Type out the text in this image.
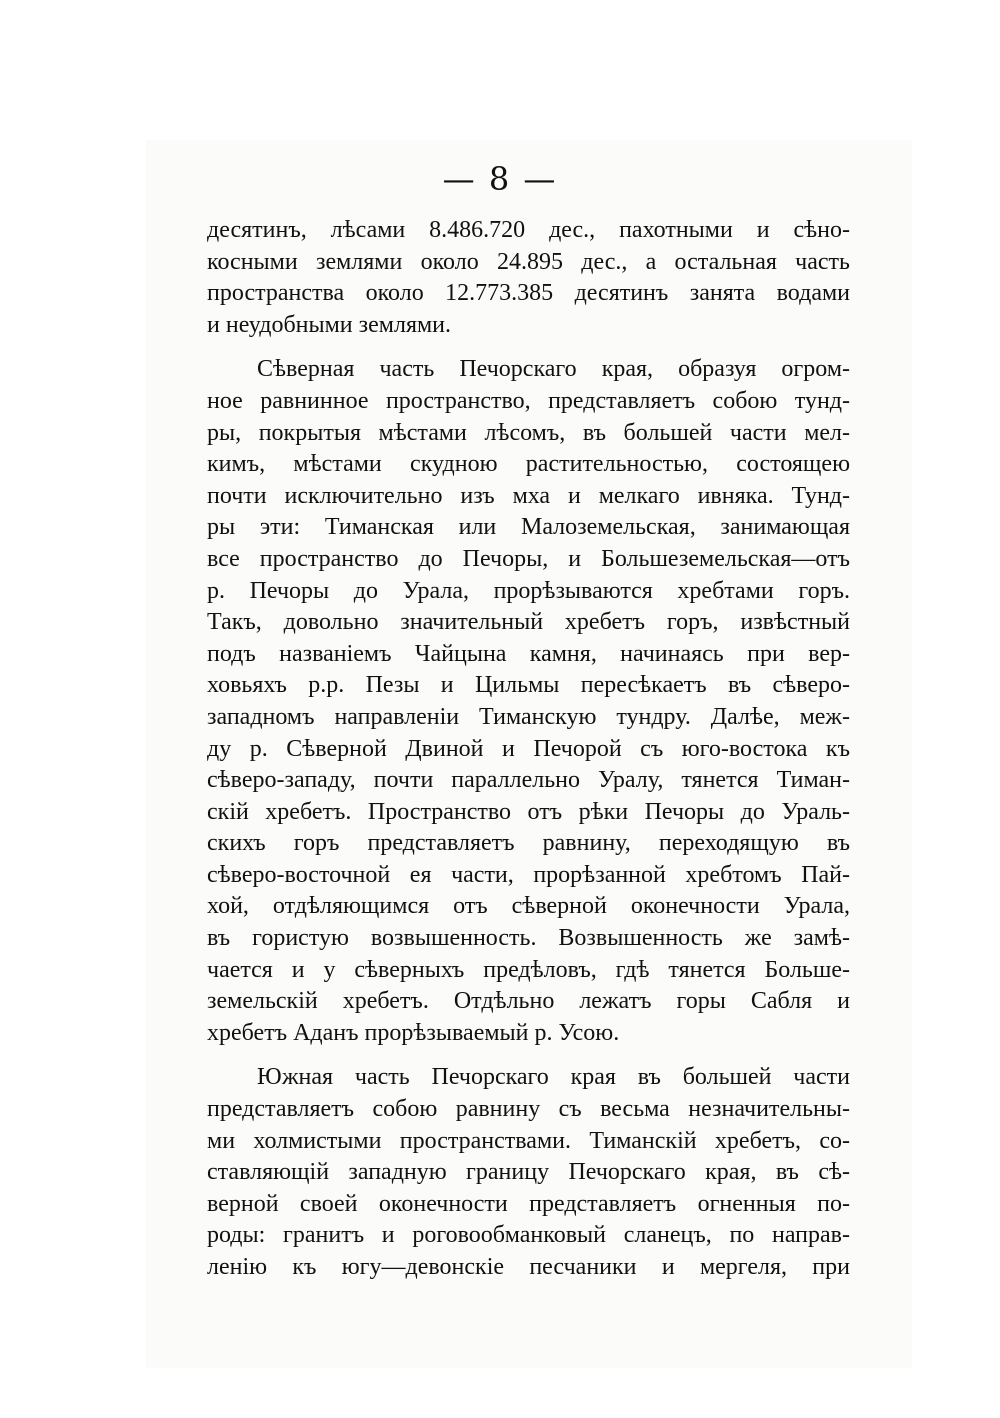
— 8 —
десятинъ, лѣсами 8.486.720 дес., пахотными и сѣно-
косными землями около 24.895 дес., а остальная часть
пространства около 12.773.385 десятинъ занята водами
и неудобными землями.
Сѣверная часть Печорскаго края, образуя огром-
ное равнинное пространство, представляетъ собою тунд-
ры, покрытыя мѣстами лѣсомъ, въ большей части мел-
кимъ, мѣстами скудною растительностью, состоящею
почти исключительно изъ мха и мелкаго ивняка. Тунд-
ры эти: Тиманская или Малоземельская, занимающая
все пространство до Печоры, и Большеземельская—отъ
р. Печоры до Урала, прорѣзываются хребтами горъ.
Такъ, довольно значительный хребетъ горъ, извѣстный
подъ названіемъ Чайцына камня, начинаясь при вер-
ховьяхъ р.р. Пезы и Цильмы пересѣкаетъ въ сѣверо-
западномъ направленіи Тиманскую тундру. Далѣе, меж-
ду р. Сѣверной Двиной и Печорой съ юго-востока къ
сѣверо-западу, почти параллельно Уралу, тянется Тиман-
скій хребетъ. Пространство отъ рѣки Печоры до Ураль-
скихъ горъ представляетъ равнину, переходящую въ
сѣверо-восточной ея части, прорѣзанной хребтомъ Пай-
хой, отдѣляющимся отъ сѣверной оконечности Урала,
въ гористую возвышенность. Возвышенность же замѣ-
чается и у сѣверныхъ предѣловъ, гдѣ тянется Больше-
земельскій хребетъ. Отдѣльно лежатъ горы Сабля и
хребетъ Аданъ прорѣзываемый р. Усою.
Южная часть Печорскаго края въ большей части
представляетъ собою равнину съ весьма незначительны-
ми холмистыми пространствами. Тиманскій хребетъ, со-
ставляющій западную границу Печорскаго края, въ сѣ-
верной своей оконечности представляетъ огненныя по-
роды: гранитъ и роговообманковый сланецъ, по направ-
ленію къ югу—девонскіе песчаники и мергеля, при
